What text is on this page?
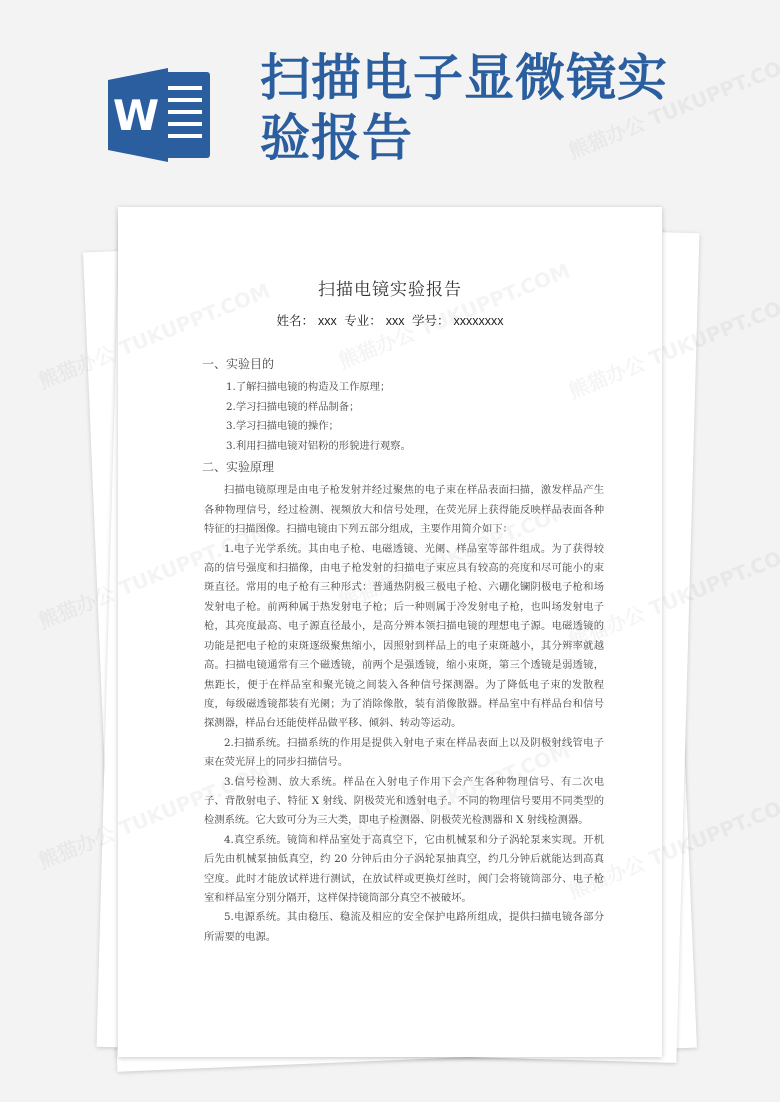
W
扫描电子显微镜实验报告
扫描电镜实验报告
姓名： xxx 专业： xxx 学号： xxxxxxxx
一、实验目的
1.了解扫描电镜的构造及工作原理；
2.学习扫描电镜的样品制备；
3.学习扫描电镜的操作；
3.利用扫描电镜对铝粉的形貌进行观察。
二、实验原理
扫描电镜原理是由电子枪发射并经过聚焦的电子束在样品表面扫描，激发样品产生各种物理信号，经过检测、视频放大和信号处理，在荧光屏上获得能反映样品表面各种特征的扫描图像。扫描电镜由下列五部分组成，主要作用简介如下：
1.电子光学系统。其由电子枪、电磁透镜、光阑、样品室等部件组成。为了获得较高的信号强度和扫描像，由电子枪发射的扫描电子束应具有较高的亮度和尽可能小的束斑直径。常用的电子枪有三种形式：普通热阴极三极电子枪、六硼化镧阴极电子枪和场发射电子枪。前两种属于热发射电子枪；后一种则属于冷发射电子枪，也叫场发射电子枪，其亮度最高、电子源直径最小，是高分辨本领扫描电镜的理想电子源。电磁透镜的功能是把电子枪的束斑逐级聚焦缩小，因照射到样品上的电子束斑越小，其分辨率就越高。扫描电镜通常有三个磁透镜，前两个是强透镜，缩小束斑，第三个透镜是弱透镜，焦距长，便于在样品室和聚光镜之间装入各种信号探测器。为了降低电子束的发散程度，每级磁透镜都装有光阑；为了消除像散，装有消像散器。样品室中有样品台和信号探测器，样品台还能使样品做平移、倾斜、转动等运动。
2.扫描系统。扫描系统的作用是提供入射电子束在样品表面上以及阴极射线管电子束在荧光屏上的同步扫描信号。
3.信号检测、放大系统。样品在入射电子作用下会产生各种物理信号、有二次电子、背散射电子、特征 X 射线、阴极荧光和透射电子。不同的物理信号要用不同类型的检测系统。它大致可分为三大类，即电子检测器、阴极荧光检测器和 X 射线检测器。
4.真空系统。镜筒和样品室处于高真空下，它由机械泵和分子涡轮泵来实现。开机后先由机械泵抽低真空，约 20 分钟后由分子涡轮泵抽真空，约几分钟后就能达到高真空度。此时才能放试样进行测试，在放试样或更换灯丝时，阀门会将镜筒部分、电子枪室和样品室分别分隔开，这样保持镜筒部分真空不被破坏。
5.电源系统。其由稳压、稳流及相应的安全保护电路所组成，提供扫描电镜各部分所需要的电源。
